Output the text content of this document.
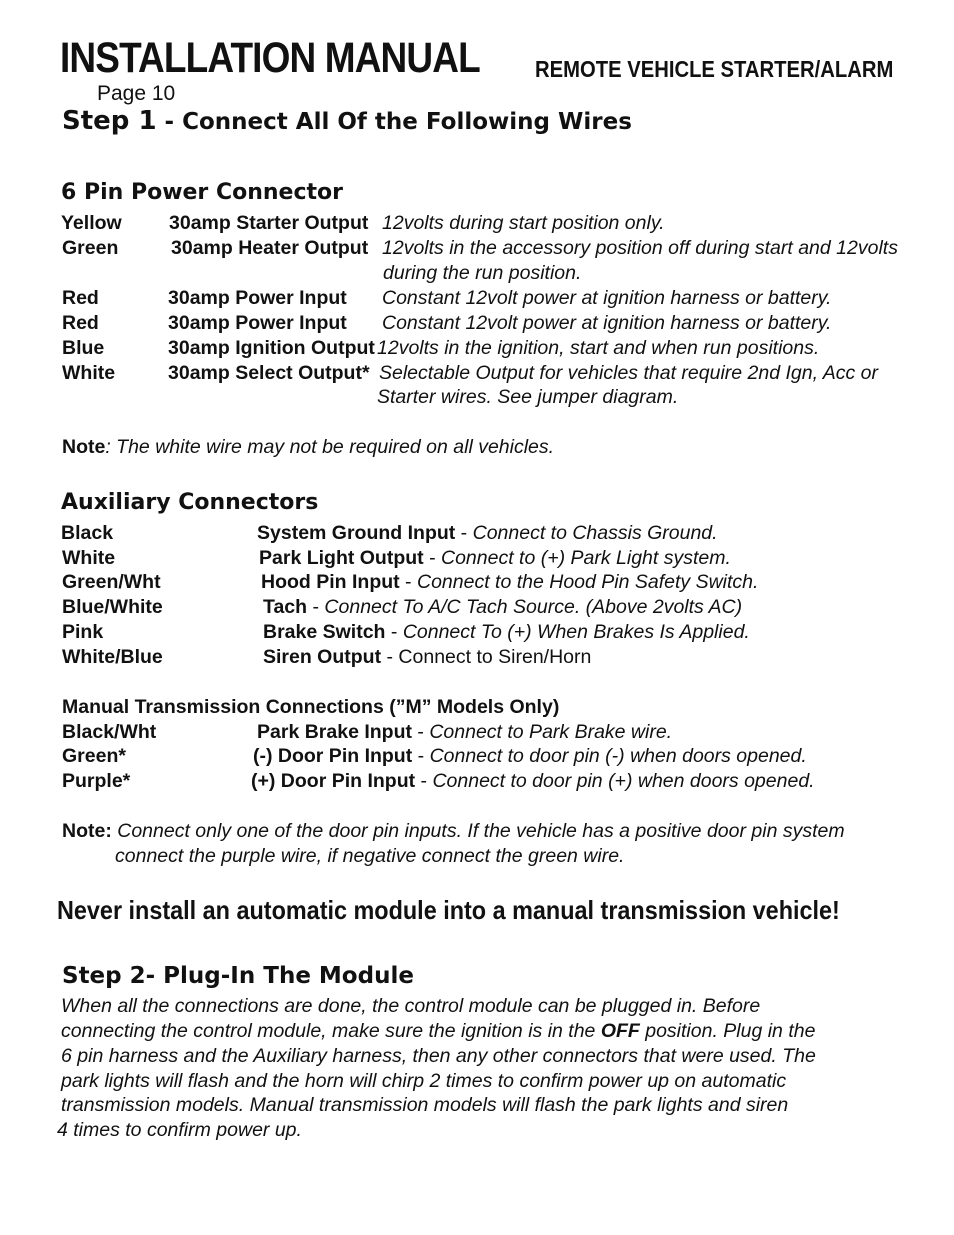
INSTALLATION MANUAL REMOTE VEHICLE STARTER/ALARM
Page 10
Step 1 - Connect All Of the Following Wires
6 Pin Power Connector
Yellow 30amp Starter Output 12volts during start position only.
Green	30amp Heater Output 12volts in the accessory position off during start and 12volts
during the run position.
Red	30amp Power Input Constant 12volt power at ignition harness or battery.
Red	30amp Power Input Constant 12volt power at ignition harness or battery.
Blue	30amp Ignition Output 12volts in the ignition, start and when run positions.
White	30amp Select Output* Selectable Output for vehicles that require 2nd Ign, Acc or
Starter wires. See jumper diagram.
Note: The white wire may not be required on all vehicles.
Auxiliary Connectors
Black	System Ground Input - Connect to Chassis Ground.
White	Park Light Output - Connect to (+) Park Light system.
Green/Wht	Hood Pin Input - Connect to the Hood Pin Safety Switch.
Blue/White	Tach - Connect To A/C Tach Source. (Above 2volts AC)
Pink	Brake Switch - Connect To (+) When Brakes Is Applied.
White/Blue	Siren Output - Connect to Siren/Horn
Manual Transmission Connections (”M” Models Only)
Black/Wht	Park Brake Input - Connect to Park Brake wire.
Green*	(-) Door Pin Input - Connect to door pin (-) when doors opened.
Purple*	(+) Door Pin Input - Connect to door pin (+) when doors opened.
Note: Connect only one of the door pin inputs. If the vehicle has a positive door pin system
connect the purple wire, if negative connect the green wire.
Never install an automatic module into a manual transmission vehicle!
Step 2- Plug-In The Module
When all the connections are done, the control module can be plugged in. Before
connecting the control module, make sure the ignition is in the OFF position. Plug in the
6 pin harness and the Auxiliary harness, then any other connectors that were used. The
park lights will flash and the horn will chirp 2 times to confirm power up on automatic
transmission models. Manual transmission models will flash the park lights and siren
4 times to confirm power up.
